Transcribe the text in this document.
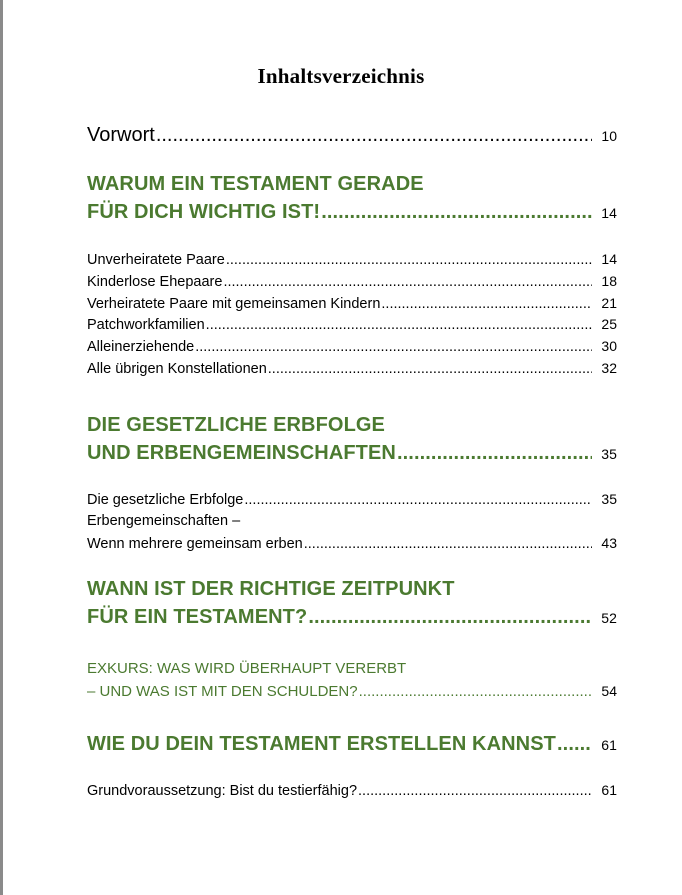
Inhaltsverzeichnis
Vorwort .....	10
WARUM EIN TESTAMENT GERADE
FÜR DICH WICHTIG IST! .....	14
Unverheiratete Paare .....	14
Kinderlose Ehepaare .....	18
Verheiratete Paare mit gemeinsamen Kindern .....	21
Patchworkfamilien .....	25
Alleinerziehende .....	30
Alle übrigen Konstellationen .....	32
DIE GESETZLICHE ERBFOLGE
UND ERBENGEMEINSCHAFTEN .....	35
Die gesetzliche Erbfolge .....	35
Erbengemeinschaften –
Wenn mehrere gemeinsam erben .....	43
WANN IST DER RICHTIGE ZEITPUNKT
FÜR EIN TESTAMENT? .....	52
EXKURS: WAS WIRD ÜBERHAUPT VERERBT
– UND WAS IST MIT DEN SCHULDEN? .....	54
WIE DU DEIN TESTAMENT ERSTELLEN KANNST .....	61
Grundvoraussetzung: Bist du testierfähig? .....	61
